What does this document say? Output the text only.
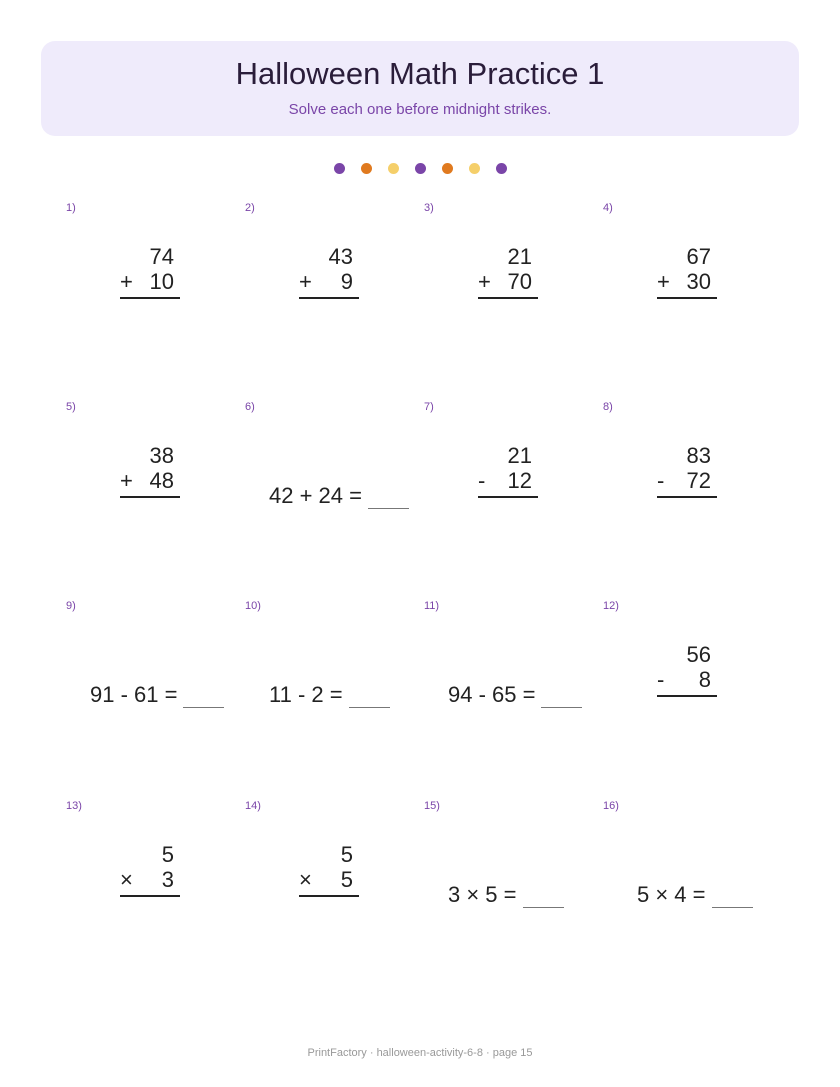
Halloween Math Practice 1
Solve each one before midnight strikes.
1)
74
+ 10
2)
43
+ 9
3)
21
+ 70
4)
67
+ 30
5)
38
+ 48
6)
42 + 24 =
7)
21
- 12
8)
83
- 72
9)
91 - 61 =
10)
11 - 2 =
11)
94 - 65 =
12)
56
- 8
13)
5
× 3
14)
5
× 5
15)
3 × 5 =
16)
5 × 4 =
PrintFactory · halloween-activity-6-8 · page 15
